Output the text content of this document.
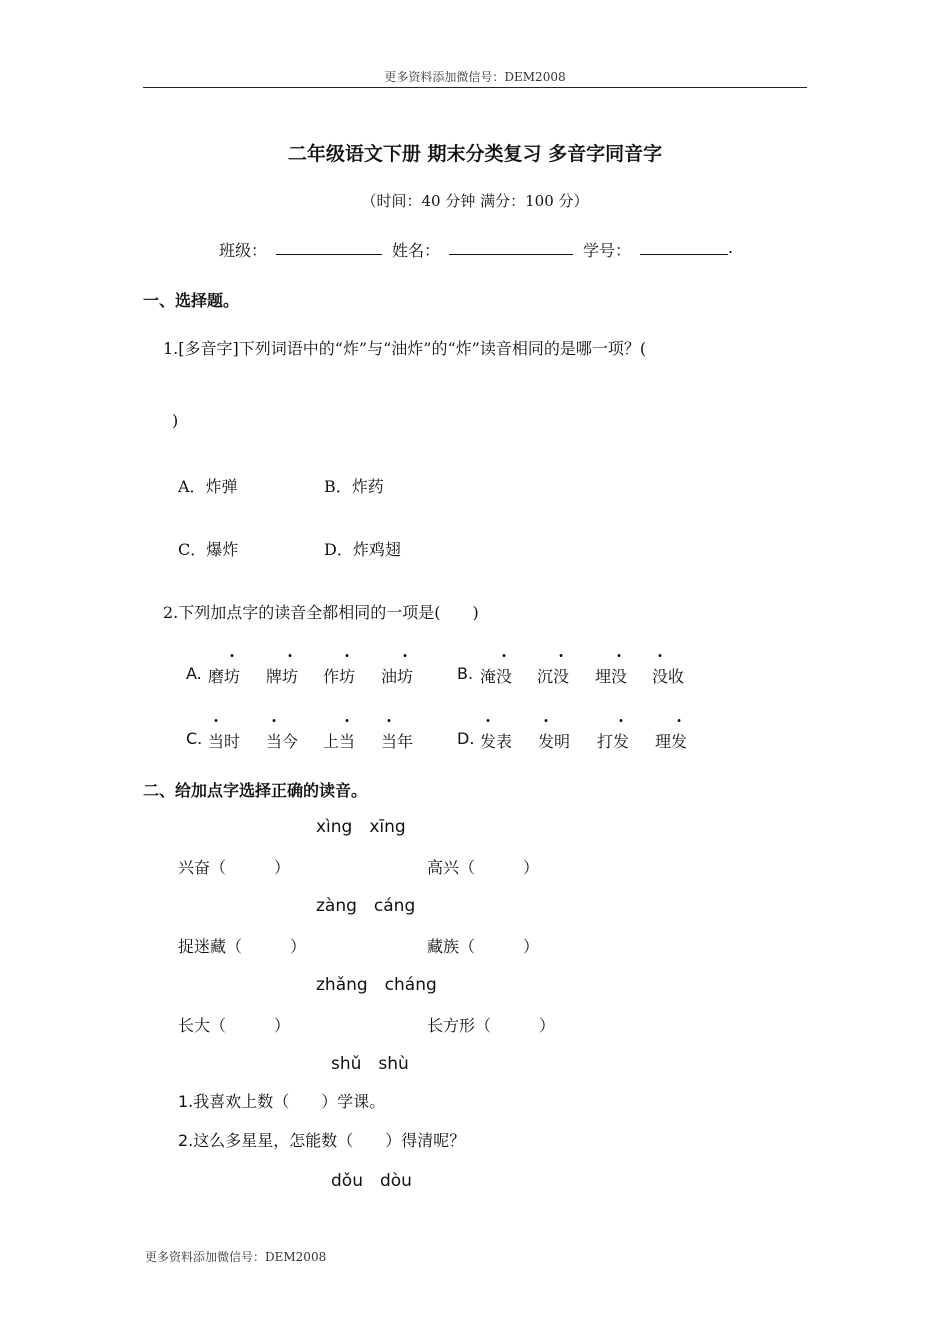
更多资料添加微信号：DEM2008
二年级语文下册 期末分类复习 多音字同音字
（时间：40 分钟 满分：100 分）
班级：	姓名：	学号：	.
一、选择题。
1.[多音字]下列词语中的“炸”与“油炸”的“炸”读音相同的是哪一项？(
)
A．炸弹	B．炸药
C．爆炸	D．炸鸡翅
2.下列加点字的读音全都相同的一项是(　　)
A. 磨坊 牌坊 作坊 油坊	B. 淹没 沉没 埋没 没收
C. 当时 当今 上当 当年	D. 发表 发明 打发 理发
二、给加点字选择正确的读音。
xìng　xīng
兴奋（　　　）	高兴（　　　）
zàng　cáng
捉迷藏（　　　）	藏族（　　　）
zhǎng　cháng
长大（　　　）	长方形（　　　）
shǔ　shù
1.我喜欢上数（　　）学课。
2.这么多星星，怎能数（　　）得清呢？
dǒu　dòu
更多资料添加微信号：DEM2008
